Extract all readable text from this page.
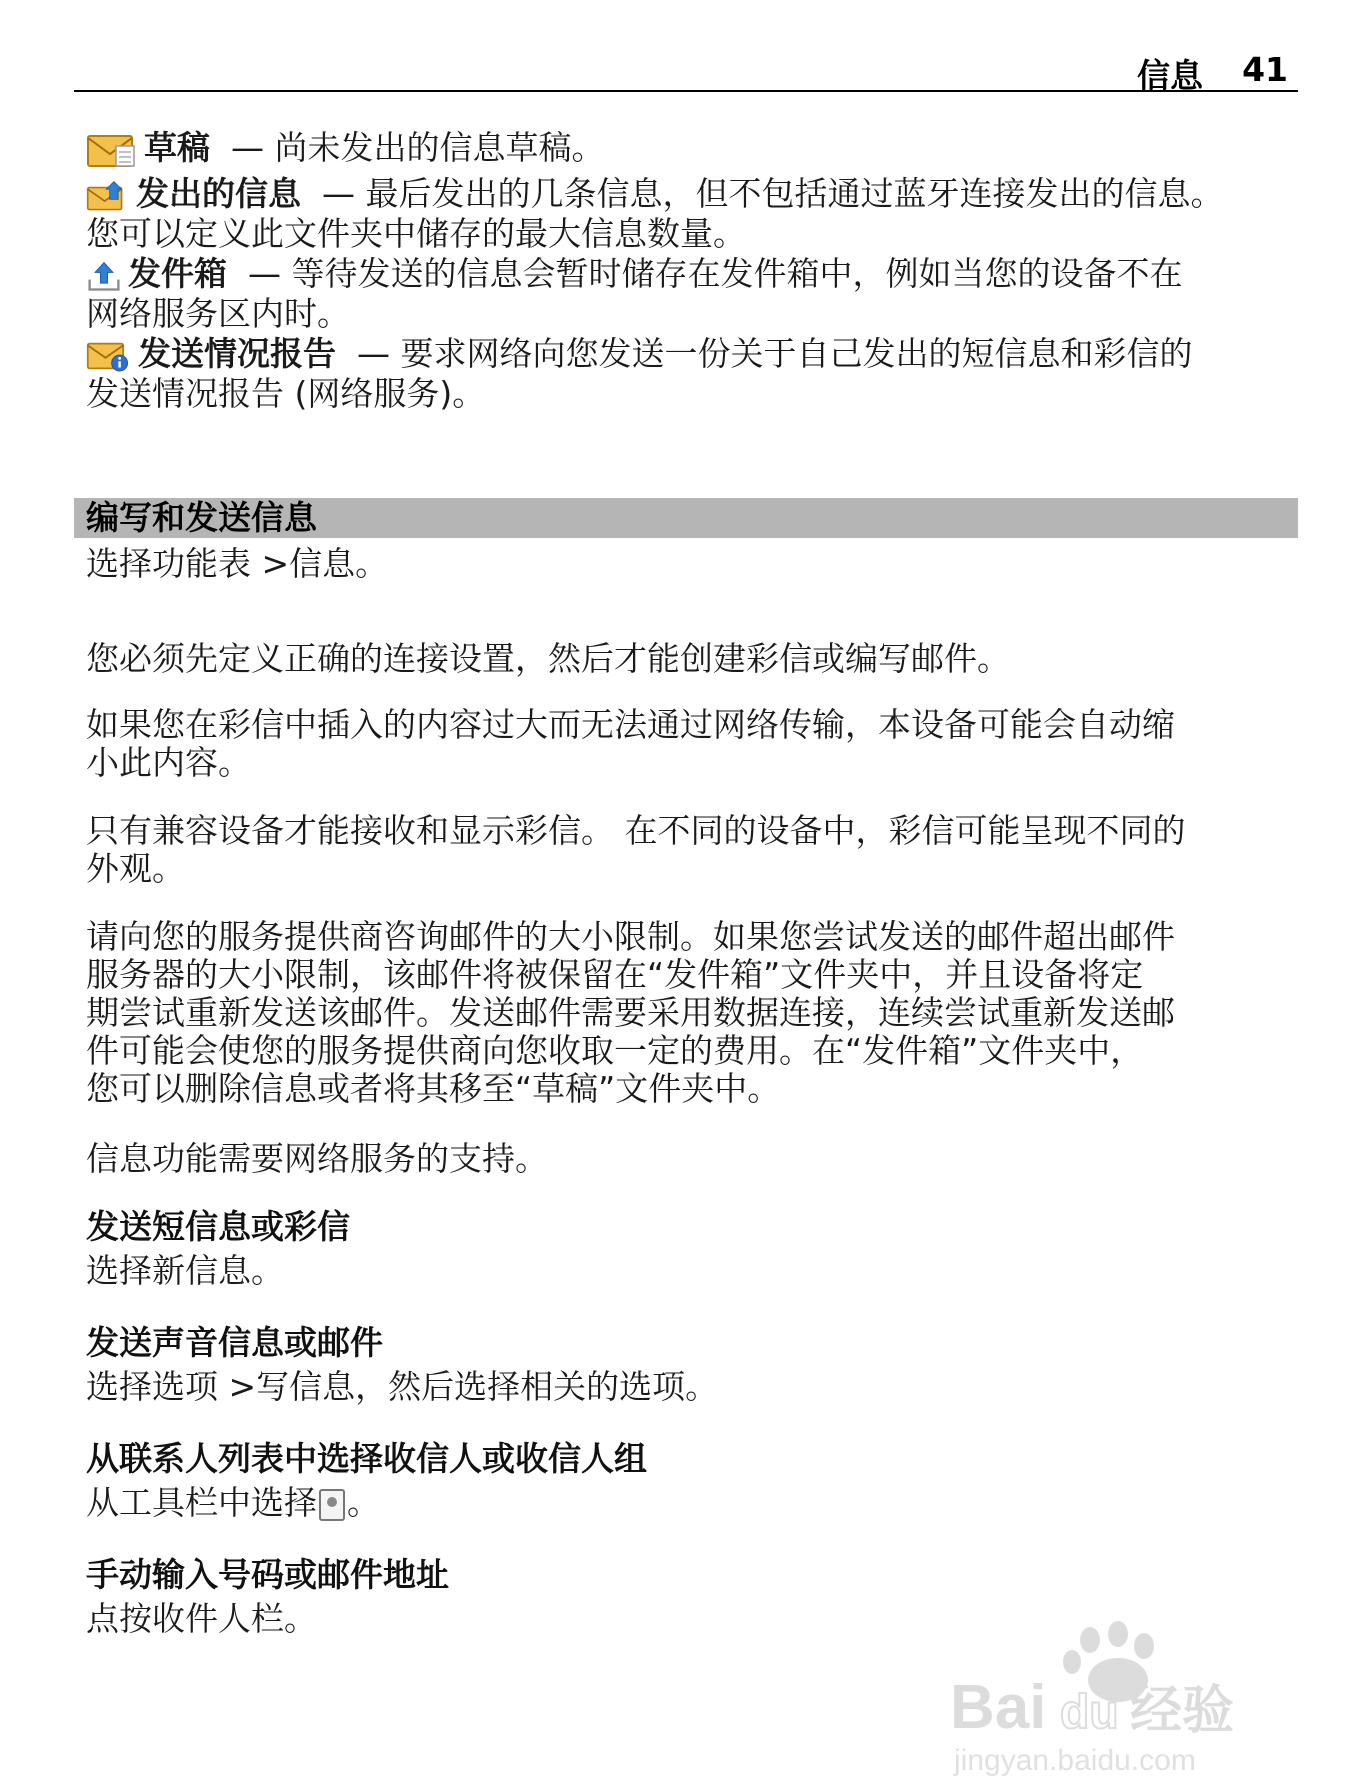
信息 41
草稿 — 尚未发出的信息草稿。
发出的信息 — 最后发出的几条信息，但不包括通过蓝牙连接发出的信息。
您可以定义此文件夹中储存的最大信息数量。
发件箱 — 等待发送的信息会暂时储存在发件箱中，例如当您的设备不在
网络服务区内时。
发送情况报告 — 要求网络向您发送一份关于自己发出的短信息和彩信的
发送情况报告 (网络服务)。
编写和发送信息
选择功能表 >信息。
您必须先定义正确的连接设置，然后才能创建彩信或编写邮件。
如果您在彩信中插入的内容过大而无法通过网络传输，本设备可能会自动缩
小此内容。
只有兼容设备才能接收和显示彩信。 在不同的设备中，彩信可能呈现不同的
外观。
请向您的服务提供商咨询邮件的大小限制。如果您尝试发送的邮件超出邮件
服务器的大小限制，该邮件将被保留在“发件箱”文件夹中，并且设备将定
期尝试重新发送该邮件。发送邮件需要采用数据连接，连续尝试重新发送邮
件可能会使您的服务提供商向您收取一定的费用。在“发件箱”文件夹中，
您可以删除信息或者将其移至“草稿”文件夹中。
信息功能需要网络服务的支持。
发送短信息或彩信
选择新信息。
发送声音信息或邮件
选择选项 >写信息，然后选择相关的选项。
从联系人列表中选择收信人或收信人组
从工具栏中选择 。
手动输入号码或邮件地址
点按收件人栏。
Bai du 经验
jingyan.baidu.com
